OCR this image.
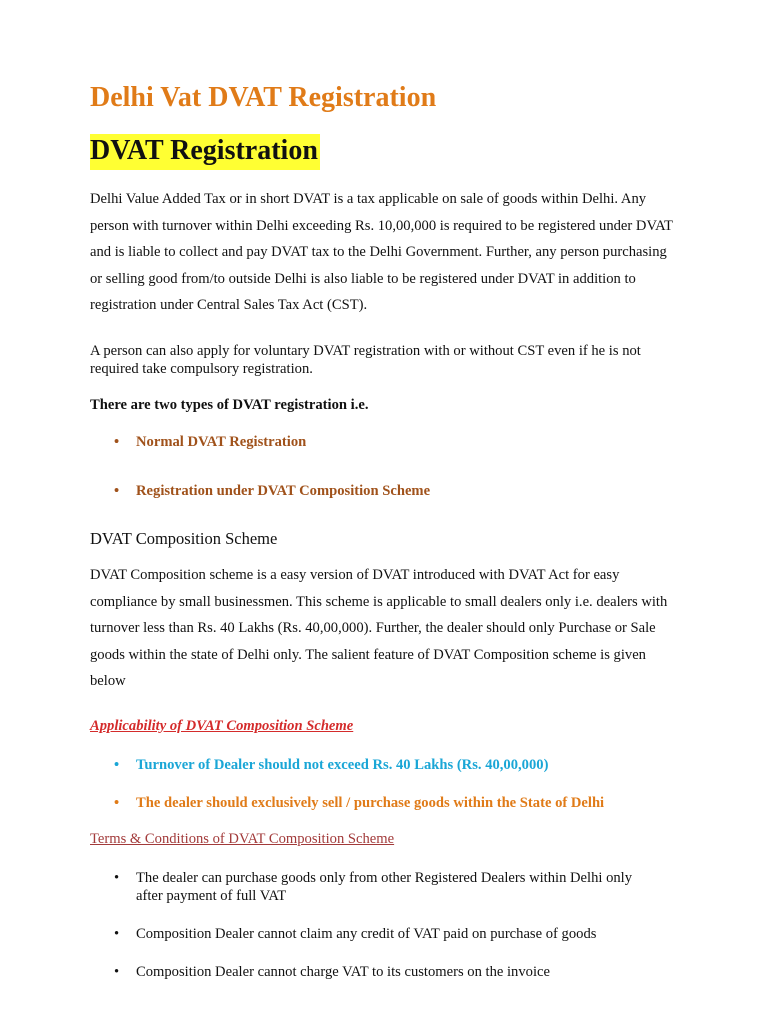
Delhi Vat DVAT Registration
DVAT Registration

Delhi Value Added Tax or in short DVAT is a tax applicable on sale of goods within Delhi. Any person with turnover within Delhi exceeding Rs. 10,00,000 is required to be registered under DVAT and is liable to collect and pay DVAT tax to the Delhi Government. Further, any person purchasing or selling good from/to outside Delhi is also liable to be registered under DVAT in addition to registration under Central Sales Tax Act (CST).

A person can also apply for voluntary DVAT registration with or without CST even if he is not required take compulsory registration.

There are two types of DVAT registration i.e.

• Normal DVAT Registration
• Registration under DVAT Composition Scheme
DVAT Composition Scheme

DVAT Composition scheme is a easy version of DVAT introduced with DVAT Act for easy compliance by small businessmen. This scheme is applicable to small dealers only i.e. dealers with turnover less than Rs. 40 Lakhs (Rs. 40,00,000). Further, the dealer should only Purchase or Sale goods within the state of Delhi only. The salient feature of DVAT Composition scheme is given below

Applicability of DVAT Composition Scheme

• Turnover of Dealer should not exceed Rs. 40 Lakhs (Rs. 40,00,000)
• The dealer should exclusively sell / purchase goods within the State of Delhi

Terms & Conditions of DVAT Composition Scheme

• The dealer can purchase goods only from other Registered Dealers within Delhi only after payment of full VAT
• Composition Dealer cannot claim any credit of VAT paid on purchase of goods
• Composition Dealer cannot charge VAT to its customers on the invoice
